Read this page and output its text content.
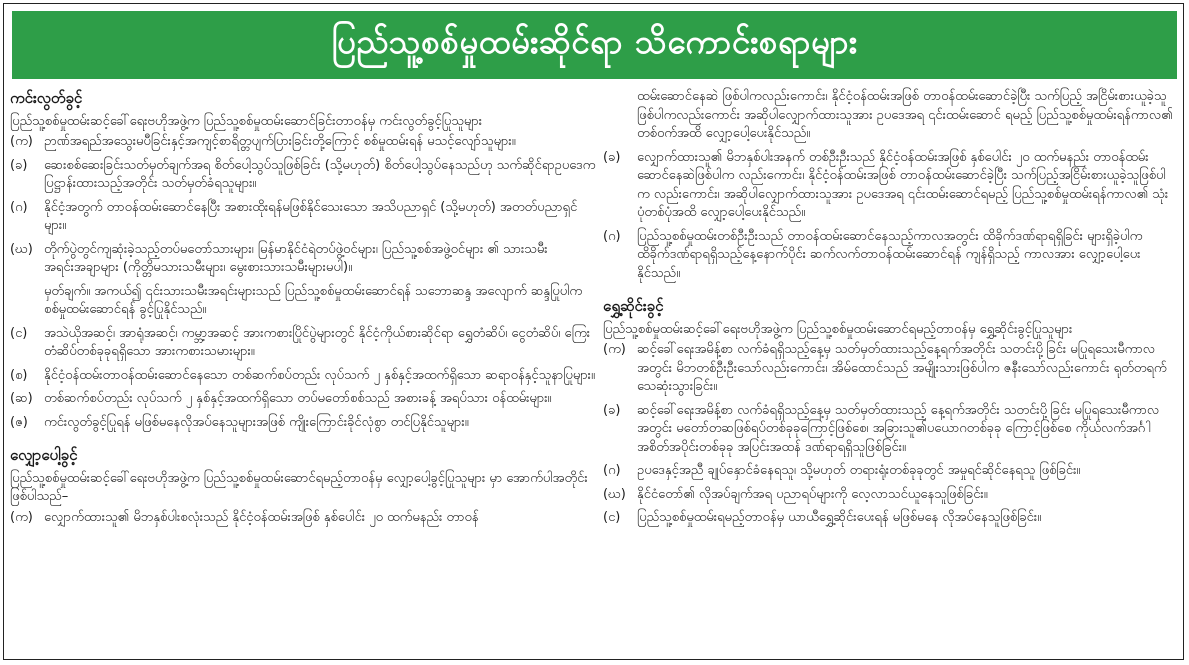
ပြည်သူ့စစ်မှုထမ်းဆိုင်ရာ သိကောင်းစရာများ
ကင်းလွတ်ခွင့်
ပြည်သူ့စစ်မှုထမ်းဆင့်ခေါ်ရေးဗဟိုအဖွဲ့က ပြည်သူ့စစ်မှုထမ်းဆောင်ခြင်းတာဝန်မှ ကင်းလွတ်ခွင့်ပြုသူများ
(က) ဉာဏ်အရည်အသွေးမပီခြင်းနှင့်အကျင့်စာရိတ္တပျက်ပြားခြင်းတို့ကြောင့် စစ်မှုထမ်းရန် မသင့်လျော်သူများ။
(ခ)	ဆေးစစ်ဆေးခြင်းသတ်မှတ်ချက်အရ စိတ်ပေါ့သွပ်သူဖြစ်ခြင်း (သို့မဟုတ်) စိတ်ပေါ့သွပ်နေသည်ဟု သက်ဆိုင်ရာဥပဒေက ပြဋ္ဌာန်းထားသည့်အတိုင်း သတ်မှတ်ခံရသူများ။
(ဂ)	နိုင်ငံ့အတွက် တာဝန်ထမ်းဆောင်နေပြီး အစားထိုးရန်မဖြစ်နိုင်သေးသော အသိပညာရှင် (သို့မဟုတ်) အတတ်ပညာရှင်များ။
(ဃ) တိုက်ပွဲတွင်ကျဆုံးခဲ့သည့်တပ်မတော်သားများ၊ မြန်မာနိုင်ငံရဲတပ်ဖွဲ့ဝင်များ၊ ပြည်သူ့စစ်အဖွဲ့ဝင်များ ၏ သားသမီးအရင်းအချာများ (ကိုတ္တိမသားသမီးများ၊ မွေးစားသားသမီးများမပါ)။
မှတ်ချက်။ အကယ်၍ ၎င်းသားသမီးအရင်းများသည် ပြည်သူ့စစ်မှုထမ်းဆောင်ရန် သဘောဆန္ဒ အလျောက် ဆန္ဒပြုပါက စစ်မှုထမ်းဆောင်ရန် ခွင့်ပြုနိုင်သည်။
(င)	အသဲယိုအဆင့်၊ အာရုံအဆင့်၊ ကမ္ဘာ့အဆင့် အားကစားပြိုင်ပွဲများတွင် နိုင်ငံ့ကိုယ်စားဆိုင်ရာ ရွှေတံဆိပ်၊ ငွေတံဆိပ်၊ ကြေးတံဆိပ်တစ်ခုခုရရှိသော အားကစားသမားများ။
(စ)	နိုင်ငံ့ဝန်ထမ်းတာဝန်ထမ်းဆောင်နေသော တစ်ဆက်စပ်တည်း လုပ်သက် ၂ နှစ်နှင့်အထက်ရှိသော ဆရာဝန်နှင့်သူနာပြုများ။
(ဆ) တစ်ဆက်စပ်တည်း လုပ်သက် ၂ နှစ်နှင့်အထက်ရှိသော တပ်မတော်စစ်သည် အစားခန့် အရပ်သား ဝန်ထမ်းများ။
(ဇ)	ကင်းလွတ်ခွင့်ပြုရန် မဖြစ်မနေလိုအပ်နေသူများအဖြစ် ကျိုးကြောင်းခိုင်လုံစွာ တင်ပြနိုင်သူများ။
လျှော့ပေါ့ခွင့်
ပြည်သူ့စစ်မှုထမ်းဆင့်ခေါ်ရေးဗဟိုအဖွဲ့က ပြည်သူ့စစ်မှုထမ်းဆောင်ရမည့်တာဝန်မှ လျှော့ပေါ့ခွင့်ပြုသူများ မှာ အောက်ပါအတိုင်းဖြစ်ပါသည်–
(က) လျှောက်ထားသူ၏ မိဘနှစ်ပါးစလုံးသည် နိုင်ငံ့ဝန်ထမ်းအဖြစ် နှစ်ပေါင်း ၂၀ ထက်မနည်း တာဝန်
ထမ်းဆောင်နေဆဲ ဖြစ်ပါကလည်းကောင်း၊ နိုင်ငံ့ဝန်ထမ်းအဖြစ် တာဝန်ထမ်းဆောင်ခဲ့ပြီး သက်ပြည့် အငြိမ်းစားယူခဲ့သူဖြစ်ပါကလည်းကောင်း အဆိုပါလျှောက်ထားသူအား ဥပဒေအရ ၎င်းထမ်းဆောင် ရမည့် ပြည်သူ့စစ်မှုထမ်းရန်ကာလ၏ တစ်ဝက်အထိ လျှော့ပေါ့ပေးနိုင်သည်။
(ခ)	လျှောက်ထားသူ၏ မိဘနှစ်ပါးအနက် တစ်ဦးဦးသည် နိုင်ငံ့ဝန်ထမ်းအဖြစ် နှစ်ပေါင်း ၂၀ ထက်မနည်း တာဝန်ထမ်းဆောင်နေဆဲဖြစ်ပါက လည်းကောင်း၊ နိုင်ငံ့ဝန်ထမ်းအဖြစ် တာဝန်ထမ်းဆောင်ခဲ့ပြီး သက်ပြည့်အငြိမ်းစားယူခဲ့သူဖြစ်ပါက လည်းကောင်း၊ အဆိုပါလျှောက်ထားသူအား ဥပဒေအရ ၎င်းထမ်းဆောင်ရမည့် ပြည်သူ့စစ်မှုထမ်းရန်ကာလ၏ သုံးပုံတစ်ပုံအထိ လျှော့ပေါ့ပေးနိုင်သည်။
(ဂ)	ပြည်သူ့စစ်မှုထမ်းတစ်ဦးဦးသည် တာဝန်ထမ်းဆောင်နေသည့်ကာလအတွင်း ထိခိုက်ဒဏ်ရာရရှိခြင်း များရှိခဲ့ပါက ထိခိုက်ဒဏ်ရာရရှိသည့်နေ့နောက်ပိုင်း ဆက်လက်တာဝန်ထမ်းဆောင်ရန် ကျန်ရှိသည့် ကာလအား လျှော့ပေါ့ပေးနိုင်သည်။
ရွှေ့ဆိုင်းခွင့်
ပြည်သူ့စစ်မှုထမ်းဆင့်ခေါ်ရေးဗဟိုအဖွဲ့က ပြည်သူ့စစ်မှုထမ်းဆောင်ရမည့်တာဝန်မှ ရွှေ့ဆိုင်းခွင့်ပြုသူများ
(က) ဆင့်ခေါ်ရေးအမိန့်စာ လက်ခံရရှိသည့်နေ့မှ သတ်မှတ်ထားသည့်နေ့ရက်အတိုင်း သတင်းပို့ခြင်း မပြုရသေးမီကာလအတွင်း မိဘတစ်ဦးဦးသော်လည်းကောင်း၊ အိမ်ထောင်သည် အမျိုးသားဖြစ်ပါက ဇနီးသော်လည်းကောင်း ရုတ်တရက် သေဆုံးသွားခြင်း။
(ခ)	ဆင့်ခေါ်ရေးအမိန့်စာ လက်ခံရရှိသည့်နေ့မှ သတ်မှတ်ထားသည့် နေ့ရက်အတိုင်း သတင်းပို့ခြင်း မပြုရသေးမီကာလအတွင်း မတော်တဆဖြစ်ရပ်တစ်ခုခုကြောင့်ဖြစ်စေ၊ အခြားသူ၏ပယောဂတစ်ခုခု ကြောင့်ဖြစ်စေ ကိုယ်လက်အင်္ဂါအစိတ်အပိုင်းတစ်ခုခု အပြင်းအထန် ဒဏ်ရာရရှိသူဖြစ်ခြင်း။
(ဂ)	ဥပဒေနှင့်အညီ ချုပ်နှောင်ခံနေရသူ၊ သို့မဟုတ် တရားရုံးတစ်ခုခုတွင် အမှုရင်ဆိုင်နေရသူ ဖြစ်ခြင်း။
(ဃ) နိုင်ငံတော်၏ လိုအပ်ချက်အရ ပညာရပ်များကို လေ့လာသင်ယူနေသူဖြစ်ခြင်း။
(င)	ပြည်သူ့စစ်မှုထမ်းရမည့်တာဝန်မှ ယာယီရွှေ့ဆိုင်းပေးရန် မဖြစ်မနေ လိုအပ်နေသူဖြစ်ခြင်း။
